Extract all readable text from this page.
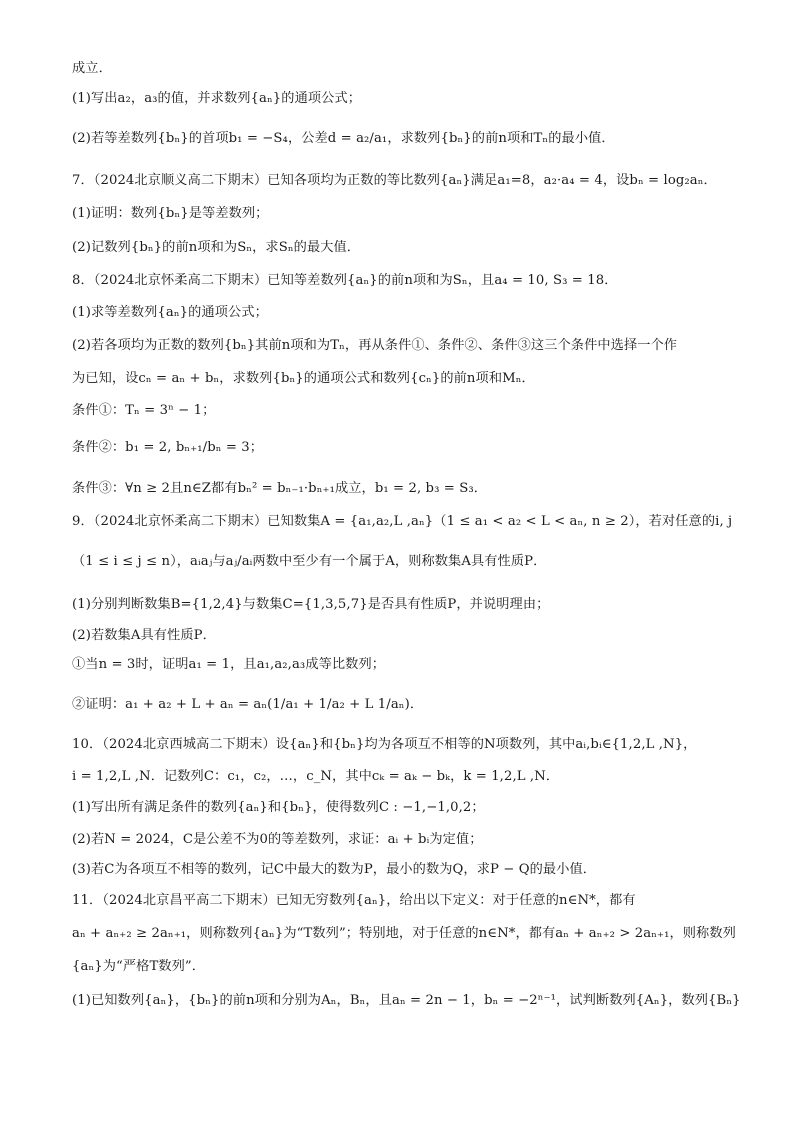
成立．
(1)写出a₂，a₃的值，并求数列{aₙ}的通项公式；
(2)若等差数列{bₙ}的首项b₁ = −S₄，公差d = a₂/a₁，求数列{bₙ}的前n项和Tₙ的最小值．
7．（2024北京顺义高二下期末）已知各项均为正数的等比数列{aₙ}满足a₁=8，a₂·a₄ = 4，设bₙ = log₂aₙ．
(1)证明：数列{bₙ}是等差数列；
(2)记数列{bₙ}的前n项和为Sₙ，求Sₙ的最大值．
8．（2024北京怀柔高二下期末）已知等差数列{aₙ}的前n项和为Sₙ，且a₄ = 10, S₃ = 18．
(1)求等差数列{aₙ}的通项公式；
(2)若各项均为正数的数列{bₙ}其前n项和为Tₙ，再从条件①、条件②、条件③这三个条件中选择一个作
为已知，设cₙ = aₙ + bₙ，求数列{bₙ}的通项公式和数列{cₙ}的前n项和Mₙ．
条件①：Tₙ = 3ⁿ − 1；
条件②：b₁ = 2, bₙ₊₁/bₙ = 3；
条件③：∀n ≥ 2且n∈Z都有bₙ² = bₙ₋₁·bₙ₊₁成立，b₁ = 2, b₃ = S₃．
9．（2024北京怀柔高二下期末）已知数集A = {a₁,a₂,L ,aₙ}（1 ≤ a₁ < a₂ < L < aₙ, n ≥ 2），若对任意的i, j
（1 ≤ i ≤ j ≤ n），aᵢaⱼ与aⱼ/aᵢ两数中至少有一个属于A，则称数集A具有性质P．
(1)分别判断数集B={1,2,4}与数集C={1,3,5,7}是否具有性质P，并说明理由；
(2)若数集A具有性质P．
①当n = 3时，证明a₁ = 1，且a₁,a₂,a₃成等比数列；
②证明：a₁ + a₂ + L + aₙ = aₙ(1/a₁ + 1/a₂ + L 1/aₙ)．
10．（2024北京西城高二下期末）设{aₙ}和{bₙ}均为各项互不相等的N项数列，其中aᵢ,bᵢ∈{1,2,L ,N}，
i = 1,2,L ,N．记数列C：c₁，c₂，…，c_N，其中cₖ = aₖ − bₖ，k = 1,2,L ,N．
(1)写出所有满足条件的数列{aₙ}和{bₙ}，使得数列C : −1,−1,0,2；
(2)若N = 2024，C是公差不为0的等差数列，求证：aᵢ + bᵢ为定值；
(3)若C为各项互不相等的数列，记C中最大的数为P，最小的数为Q，求P − Q的最小值．
11．（2024北京昌平高二下期末）已知无穷数列{aₙ}，给出以下定义：对于任意的n∈N*，都有
aₙ + aₙ₊₂ ≥ 2aₙ₊₁，则称数列{aₙ}为“T数列”；特别地，对于任意的n∈N*，都有aₙ + aₙ₊₂ > 2aₙ₊₁，则称数列
{aₙ}为“严格T数列”．
(1)已知数列{aₙ}，{bₙ}的前n项和分别为Aₙ，Bₙ，且aₙ = 2n − 1，bₙ = −2ⁿ⁻¹，试判断数列{Aₙ}，数列{Bₙ}
